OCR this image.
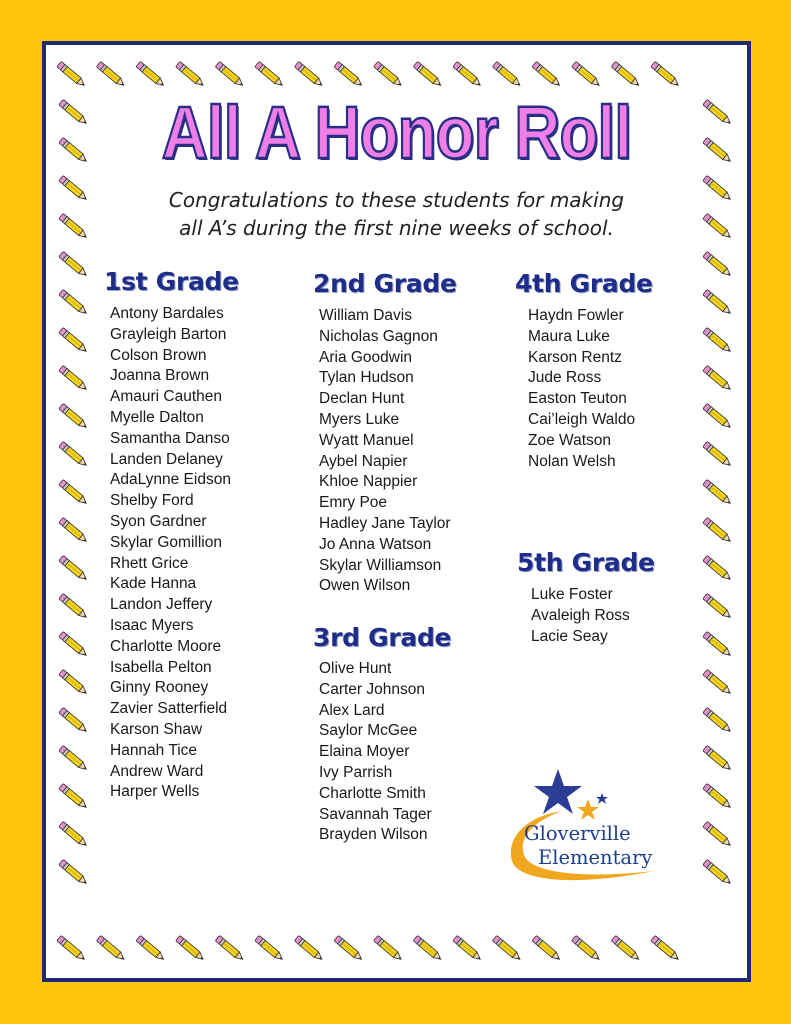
All A Honor Roll
Congratulations to these students for making
all A’s during the first nine weeks of school.
1st Grade
Antony Bardales
Grayleigh Barton
Colson Brown
Joanna Brown
Amauri Cauthen
Myelle Dalton
Samantha Danso
Landen Delaney
AdaLynne Eidson
Shelby Ford
Syon Gardner
Skylar Gomillion
Rhett Grice
Kade Hanna
Landon Jeffery
Isaac Myers
Charlotte Moore
Isabella Pelton
Ginny Rooney
Zavier Satterfield
Karson Shaw
Hannah Tice
Andrew Ward
Harper Wells
2nd Grade
William Davis
Nicholas Gagnon
Aria Goodwin
Tylan Hudson
Declan Hunt
Myers Luke
Wyatt Manuel
Aybel Napier
Khloe Nappier
Emry Poe
Hadley Jane Taylor
Jo Anna Watson
Skylar Williamson
Owen Wilson
3rd Grade
Olive Hunt
Carter Johnson
Alex Lard
Saylor McGee
Elaina Moyer
Ivy Parrish
Charlotte Smith
Savannah Tager
Brayden Wilson
4th Grade
Haydn Fowler
Maura Luke
Karson Rentz
Jude Ross
Easton Teuton
Cai’leigh Waldo
Zoe Watson
Nolan Welsh
5th Grade
Luke Foster
Avaleigh Ross
Lacie Seay
Gloverville
Elementary
